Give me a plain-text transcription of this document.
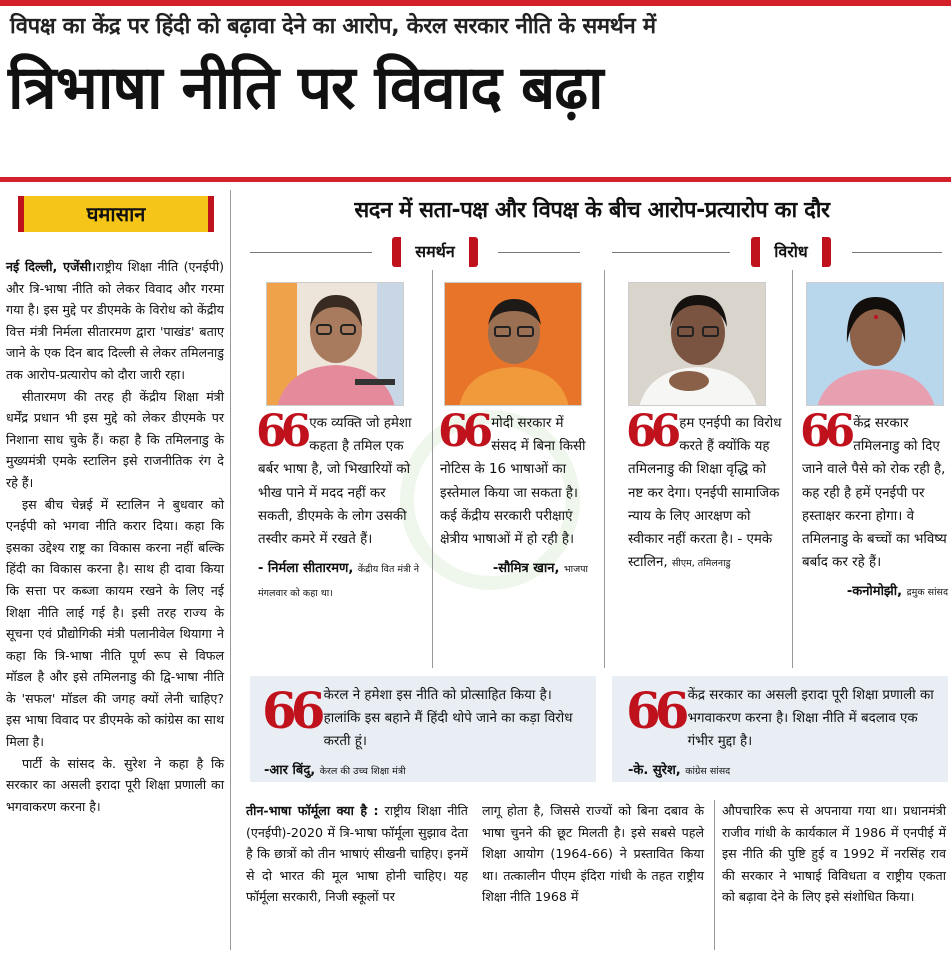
विपक्ष का केंद्र पर हिंदी को बढ़ावा देने का आरोप, केरल सरकार नीति के समर्थन में
त्रिभाषा नीति पर विवाद बढ़ा
घमासान

नई दिल्ली, एजेंसी।राष्ट्रीय शिक्षा नीति (एनईपी) और त्रि-भाषा नीति को लेकर विवाद और गरमा गया है। इस मुद्दे पर डीएमके के विरोध को केंद्रीय वित्त मंत्री निर्मला सीतारमण द्वारा 'पाखंड' बताए जाने के एक दिन बाद दिल्ली से लेकर तमिलनाडु तक आरोप-प्रत्यारोप को दौरा जारी रहा।

सीतारमण की तरह ही केंद्रीय शिक्षा मंत्री धर्मेंद्र प्रधान भी इस मुद्दे को लेकर डीएमके पर निशाना साध चुके हैं। कहा है कि तमिलनाडु के मुख्यमंत्री एमके स्टालिन इसे राजनीतिक रंग दे रहे हैं।

इस बीच चेन्नई में स्टालिन ने बुधवार को एनईपी को भगवा नीति करार दिया। कहा कि इसका उद्देश्य राष्ट्र का विकास करना नहीं बल्कि हिंदी का विकास करना है। साथ ही दावा किया कि सत्ता पर कब्जा कायम रखने के लिए नई शिक्षा नीति लाई गई है। इसी तरह राज्य के सूचना एवं प्रौद्योगिकी मंत्री पलानीवेल थियागा ने कहा कि त्रि-भाषा नीति पूर्ण रूप से विफल मॉडल है और इसे तमिलनाडु की द्वि-भाषा नीति के 'सफल' मॉडल की जगह क्यों लेनी चाहिए? इस भाषा विवाद पर डीएमके को कांग्रेस का साथ मिला है।

पार्टी के सांसद के. सुरेश ने कहा है कि सरकार का असली इरादा पूरी शिक्षा प्रणाली का भगवाकरण करना है।

सदन में सता-पक्ष और विपक्ष के बीच आरोप-प्रत्यारोप का दौर
समर्थन	विरोध
66 एक व्यक्ति जो हमेशा कहता है तमिल एक बर्बर भाषा है, जो भिखारियों को भीख पाने में मदद नहीं कर सकती, डीएमके के लोग उसकी तस्वीर कमरे में रखते हैं।
- निर्मला सीतारमण, केंद्रीय वित मंत्री ने मंगलवार को कहा था।
66 मोदी सरकार में संसद में बिना किसी नोटिस के 16 भाषाओं का इस्तेमाल किया जा सकता है। कई केंद्रीय सरकारी परीक्षाएं क्षेत्रीय भाषाओं में हो रही है।
-सौमित्र खान, भाजपा
66 हम एनईपी का विरोध करते हैं क्योंकि यह तमिलनाडु की शिक्षा वृद्धि को नष्ट कर देगा। एनईपी सामाजिक न्याय के लिए आरक्षण को स्वीकार नहीं करता है। - एमके स्टालिन, सीएम, तमिलनाडु
66 केंद्र सरकार तमिलनाडु को दिए जाने वाले पैसे को रोक रही है, कह रही है हमें एनईपी पर हस्ताक्षर करना होगा। वे तमिलनाडु के बच्चों का भविष्य बर्बाद कर रहे हैं।
-कनोमोझी, द्रमुक सांसद
66 केरल ने हमेशा इस नीति को प्रोत्साहित किया है। हालांकि इस बहाने मैं हिंदी थोपे जाने का कड़ा विरोध करती हूं।
-आर बिंदु, केरल की उच्च शिक्षा मंत्री
66 केंद्र सरकार का असली इरादा पूरी शिक्षा प्रणाली का भगवाकरण करना है। शिक्षा नीति में बदलाव एक गंभीर मुद्दा है।
-के. सुरेश, कांग्रेस सांसद
तीन-भाषा फॉर्मूला क्या है : राष्ट्रीय शिक्षा नीति (एनईपी)-2020 में त्रि-भाषा फॉर्मूला सुझाव देता है कि छात्रों को तीन भाषाएं सीखनी चाहिए। इनमें से दो भारत की मूल भाषा होनी चाहिए। यह फॉर्मूला सरकारी, निजी स्कूलों पर
लागू होता है, जिससे राज्यों को बिना दबाव के भाषा चुनने की छूट मिलती है। इसे सबसे पहले शिक्षा आयोग (1964-66) ने प्रस्तावित किया था। तत्कालीन पीएम इंदिरा गांधी के तहत राष्ट्रीय शिक्षा नीति 1968 में
औपचारिक रूप से अपनाया गया था। प्रधानमंत्री राजीव गांधी के कार्यकाल में 1986 में एनपीई में इस नीति की पुष्टि हुई व 1992 में नरसिंह राव की सरकार ने भाषाई विविधता व राष्ट्रीय एकता को बढ़ावा देने के लिए इसे संशोधित किया।
